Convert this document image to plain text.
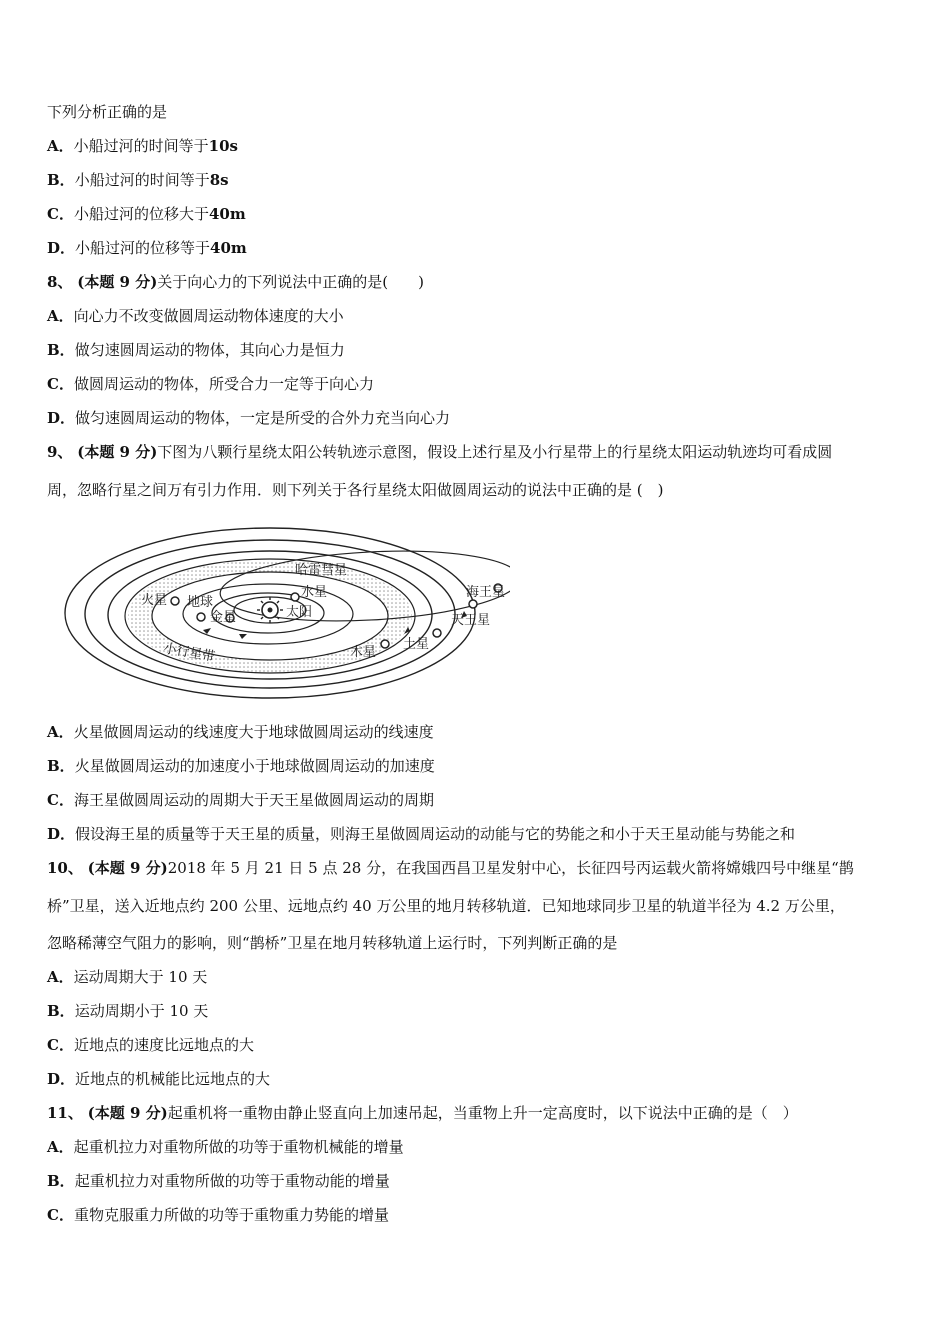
下列分析正确的是
A．小船过河的时间等于10s
B．小船过河的时间等于8s
C．小船过河的位移大于40m
D．小船过河的位移等于40m
8、 (本题 9 分)关于向心力的下列说法中正确的是(　　)
A．向心力不改变做圆周运动物体速度的大小
B．做匀速圆周运动的物体，其向心力是恒力
C．做圆周运动的物体，所受合力一定等于向心力
D．做匀速圆周运动的物体，一定是所受的合外力充当向心力
9、 (本题 9 分)下图为八颗行星绕太阳公转轨迹示意图，假设上述行星及小行星带上的行星绕太阳运动轨迹均可看成圆
周，忽略行星之间万有引力作用．则下列关于各行星绕太阳做圆周运动的说法中正确的是 (　)
哈雷彗星
海王星
天王星
土星
木星
火星 地球
金星
水星
太阳
小行星带
A．火星做圆周运动的线速度大于地球做圆周运动的线速度
B．火星做圆周运动的加速度小于地球做圆周运动的加速度
C．海王星做圆周运动的周期大于天王星做圆周运动的周期
D．假设海王星的质量等于天王星的质量，则海王星做圆周运动的动能与它的势能之和小于天王星动能与势能之和
10、 (本题 9 分)2018 年 5 月 21 日 5 点 28 分，在我国西昌卫星发射中心，长征四号丙运载火箭将嫦娥四号中继星“鹊
桥”卫星，送入近地点约 200 公里、远地点约 40 万公里的地月转移轨道．已知地球同步卫星的轨道半径为 4.2 万公里，
忽略稀薄空气阻力的影响，则“鹊桥”卫星在地月转移轨道上运行时，下列判断正确的是
A．运动周期大于 10 天
B．运动周期小于 10 天
C．近地点的速度比远地点的大
D．近地点的机械能比远地点的大
11、 (本题 9 分)起重机将一重物由静止竖直向上加速吊起，当重物上升一定高度时，以下说法中正确的是（　）
A．起重机拉力对重物所做的功等于重物机械能的增量
B．起重机拉力对重物所做的功等于重物动能的增量
C．重物克服重力所做的功等于重物重力势能的增量
